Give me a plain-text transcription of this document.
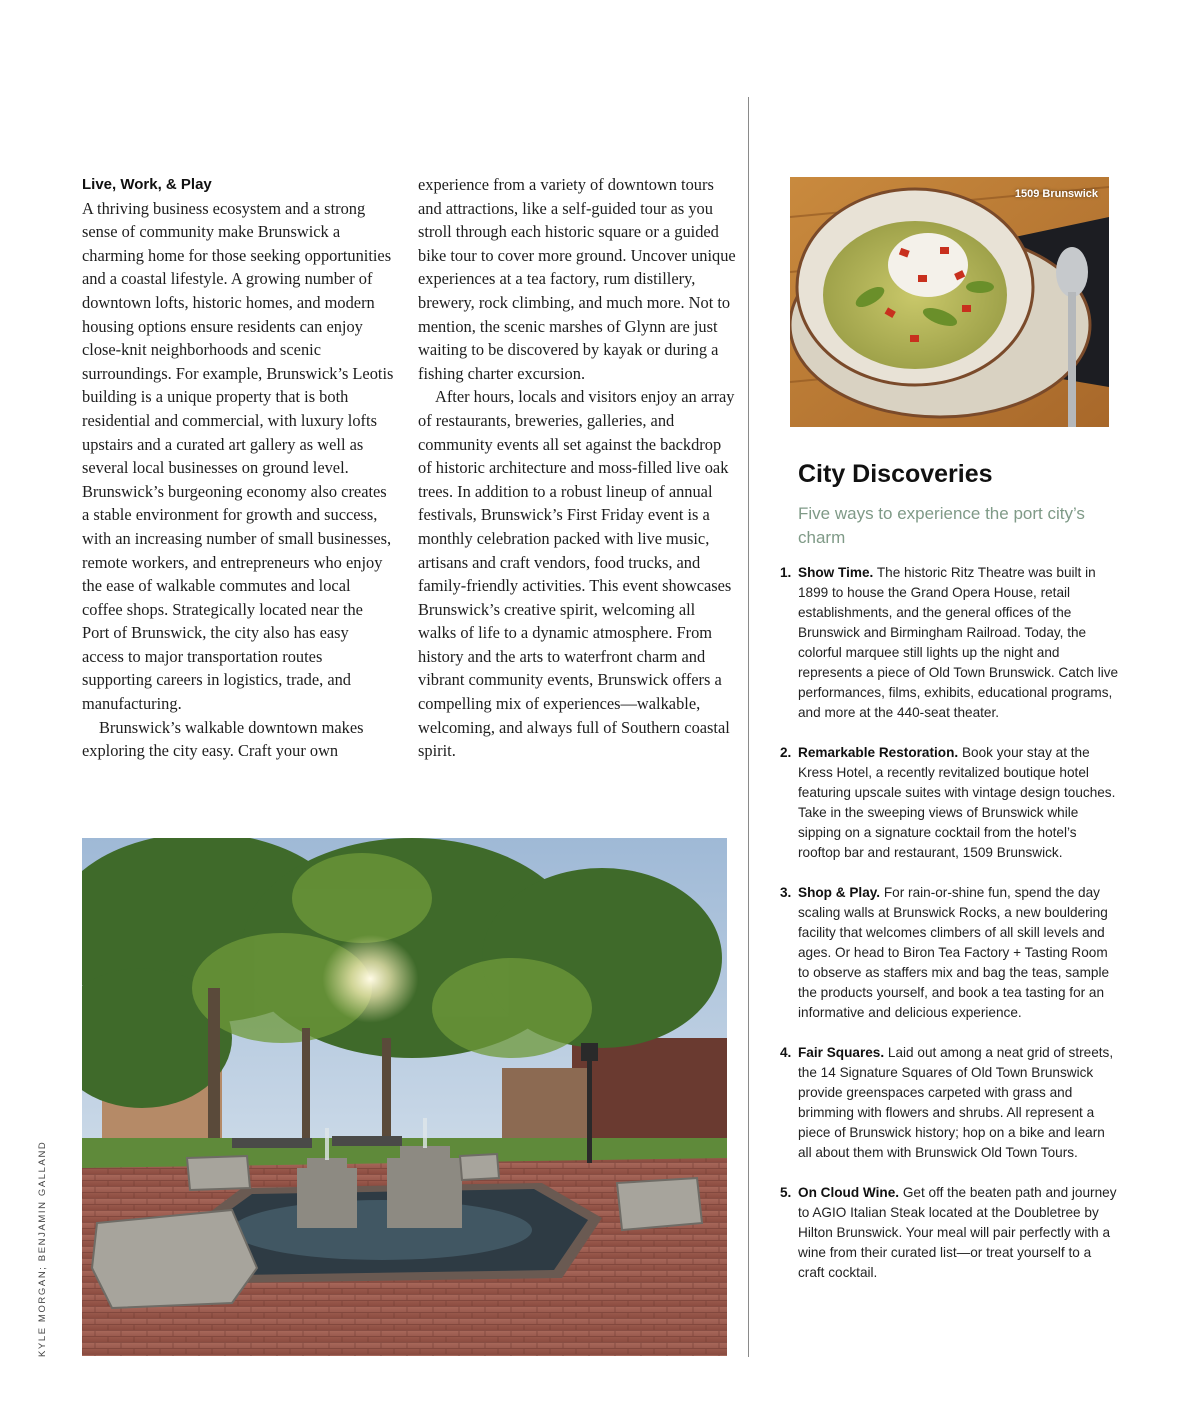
Live, Work, & Play

A thriving business ecosystem and a strong sense of community make Brunswick a charming home for those seeking opportunities and a coastal lifestyle. A growing number of downtown lofts, historic homes, and modern housing options ensure residents can enjoy close-knit neighborhoods and scenic surroundings. For example, Brunswick’s Leotis building is a unique property that is both residential and commercial, with luxury lofts upstairs and a curated art gallery as well as several local businesses on ground level. Brunswick’s burgeoning economy also creates a stable environment for growth and success, with an increasing number of small businesses, remote workers, and entrepreneurs who enjoy the ease of walkable commutes and local coffee shops. Strategically located near the Port of Brunswick, the city also has easy access to major transportation routes supporting careers in logistics, trade, and manufacturing.

Brunswick’s walkable downtown makes exploring the city easy. Craft your own

experience from a variety of downtown tours and attractions, like a self-guided tour as you stroll through each historic square or a guided bike tour to cover more ground. Uncover unique experiences at a tea factory, rum distillery, brewery, rock climbing, and much more. Not to mention, the scenic marshes of Glynn are just waiting to be discovered by kayak or during a fishing charter excursion.

After hours, locals and visitors enjoy an array of restaurants, breweries, galleries, and community events all set against the backdrop of historic architecture and moss-filled live oak trees. In addition to a robust lineup of annual festivals, Brunswick’s First Friday event is a monthly celebration packed with live music, artisans and craft vendors, food trucks, and family-friendly activities. This event showcases Brunswick’s creative spirit, welcoming all walks of life to a dynamic atmosphere. From history and the arts to waterfront charm and vibrant community events, Brunswick offers a compelling mix of experiences—walkable, welcoming, and always full of Southern coastal spirit.

1509 Brunswick
City Discoveries

Five ways to experience the port city’s charm

1. Show Time. The historic Ritz Theatre was built in 1899 to house the Grand Opera House, retail establishments, and the general offices of the Brunswick and Birmingham Railroad. Today, the colorful marquee still lights up the night and represents a piece of Old Town Brunswick. Catch live performances, films, exhibits, educational programs, and more at the 440-seat theater.
2. Remarkable Restoration. Book your stay at the Kress Hotel, a recently revitalized boutique hotel featuring upscale suites with vintage design touches. Take in the sweeping views of Brunswick while sipping on a signature cocktail from the hotel’s rooftop bar and restaurant, 1509 Brunswick.
3. Shop & Play. For rain-or-shine fun, spend the day scaling walls at Brunswick Rocks, a new bouldering facility that welcomes climbers of all skill levels and ages. Or head to Biron Tea Factory + Tasting Room to observe as staffers mix and bag the teas, sample the products yourself, and book a tea tasting for an informative and delicious experience.
4. Fair Squares. Laid out among a neat grid of streets, the 14 Signature Squares of Old Town Brunswick provide greenspaces carpeted with grass and brimming with flowers and shrubs. All represent a piece of Brunswick history; hop on a bike and learn all about them with Brunswick Old Town Tours.
5. On Cloud Wine. Get off the beaten path and journey to AGIO Italian Steak located at the Doubletree by Hilton Brunswick. Your meal will pair perfectly with a wine from their curated list—or treat yourself to a craft cocktail.
KYLE MORGAN; BENJAMIN GALLAND
